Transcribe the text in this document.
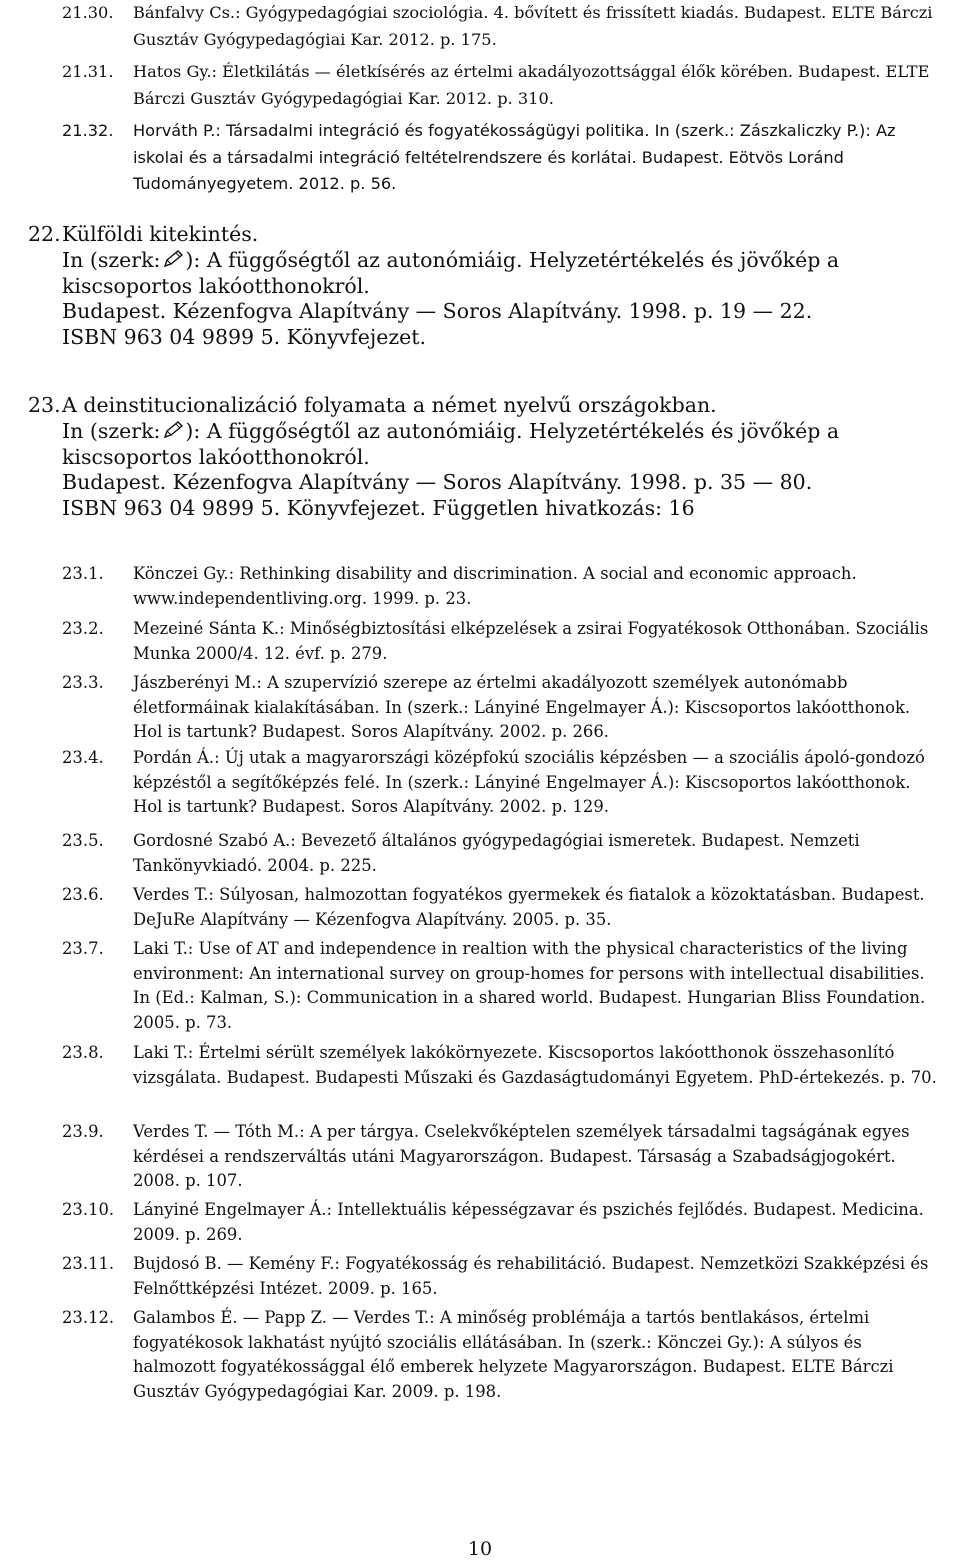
21.30.	Bánfalvy Cs.: Gyógypedagógiai szociológia. 4. bővített és frissített kiadás. Budapest. ELTE Bárczi Gusztáv Gyógypedagógiai Kar. 2012. p. 175.
21.31.	Hatos Gy.: Életkilátás — életkísérés az értelmi akadályozottsággal élők körében. Budapest. ELTE Bárczi Gusztáv Gyógypedagógiai Kar. 2012. p. 310.
21.32.	Horváth P.: Társadalmi integráció és fogyatékosságügyi politika. In (szerk.: Zászkaliczky P.): Az iskolai és a társadalmi integráció feltételrendszere és korlátai. Budapest. Eötvös Loránd Tudományegyetem. 2012. p. 56.
22. Külföldi kitekintés.
In (szerk: ): A függőségtől az autonómiáig. Helyzetértékelés és jövőkép a
kiscsoportos lakóotthonokról.
Budapest. Kézenfogva Alapítvány — Soros Alapítvány. 1998. p. 19 — 22.
ISBN 963 04 9899 5. Könyvfejezet.
23. A deinstitucionalizáció folyamata a német nyelvű országokban.
In (szerk: ): A függőségtől az autonómiáig. Helyzetértékelés és jövőkép a
kiscsoportos lakóotthonokról.
Budapest. Kézenfogva Alapítvány — Soros Alapítvány. 1998. p. 35 — 80.
ISBN 963 04 9899 5. Könyvfejezet. Független hivatkozás: 16
23.1.	Könczei Gy.: Rethinking disability and discrimination. A social and economic approach. www.independentliving.org. 1999. p. 23.
23.2.	Mezeiné Sánta K.: Minőségbiztosítási elképzelések a zsirai Fogyatékosok Otthonában. Szociális Munka 2000/4. 12. évf. p. 279.
23.3.	Jászberényi M.: A szupervízió szerepe az értelmi akadályozott személyek autonómabb életformáinak kialakításában. In (szerk.: Lányiné Engelmayer Á.): Kiscsoportos lakóotthonok. Hol is tartunk? Budapest. Soros Alapítvány. 2002. p. 266.
23.4.	Pordán Á.: Új utak a magyarországi középfokú szociális képzésben — a szociális ápoló-gondozó képzéstől a segítőképzés felé. In (szerk.: Lányiné Engelmayer Á.): Kiscsoportos lakóotthonok. Hol is tartunk? Budapest. Soros Alapítvány. 2002. p. 129.
23.5.	Gordosné Szabó A.: Bevezető általános gyógypedagógiai ismeretek. Budapest. Nemzeti Tankönyvkiadó. 2004. p. 225.
23.6.	Verdes T.: Súlyosan, halmozottan fogyatékos gyermekek és fiatalok a közoktatásban. Budapest. DeJuRe Alapítvány — Kézenfogva Alapítvány. 2005. p. 35.
23.7.	Laki T.: Use of AT and independence in realtion with the physical characteristics of the living environment: An international survey on group-homes for persons with intellectual disabilities. In (Ed.: Kalman, S.): Communication in a shared world. Budapest. Hungarian Bliss Foundation. 2005. p. 73.
23.8.	Laki T.: Értelmi sérült személyek lakókörnyezete. Kiscsoportos lakóotthonok összehasonlító vizsgálata. Budapest. Budapesti Műszaki és Gazdaságtudományi Egyetem. PhD-értekezés. p. 70.
23.9.	Verdes T. — Tóth M.: A per tárgya. Cselekvőképtelen személyek társadalmi tagságának egyes kérdései a rendszerváltás utáni Magyarországon. Budapest. Társaság a Szabadságjogokért. 2008. p. 107.
23.10.	Lányiné Engelmayer Á.: Intellektuális képességzavar és pszichés fejlődés. Budapest. Medicina. 2009. p. 269.
23.11.	Bujdosó B. — Kemény F.: Fogyatékosság és rehabilitáció. Budapest. Nemzetközi Szakképzési és Felnőttképzési Intézet. 2009. p. 165.
23.12.	Galambos É. — Papp Z. — Verdes T.: A minőség problémája a tartós bentlakásos, értelmi fogyatékosok lakhatást nyújtó szociális ellátásában. In (szerk.: Könczei Gy.): A súlyos és halmozott fogyatékossággal élő emberek helyzete Magyarországon. Budapest. ELTE Bárczi Gusztáv Gyógypedagógiai Kar. 2009. p. 198.
10
